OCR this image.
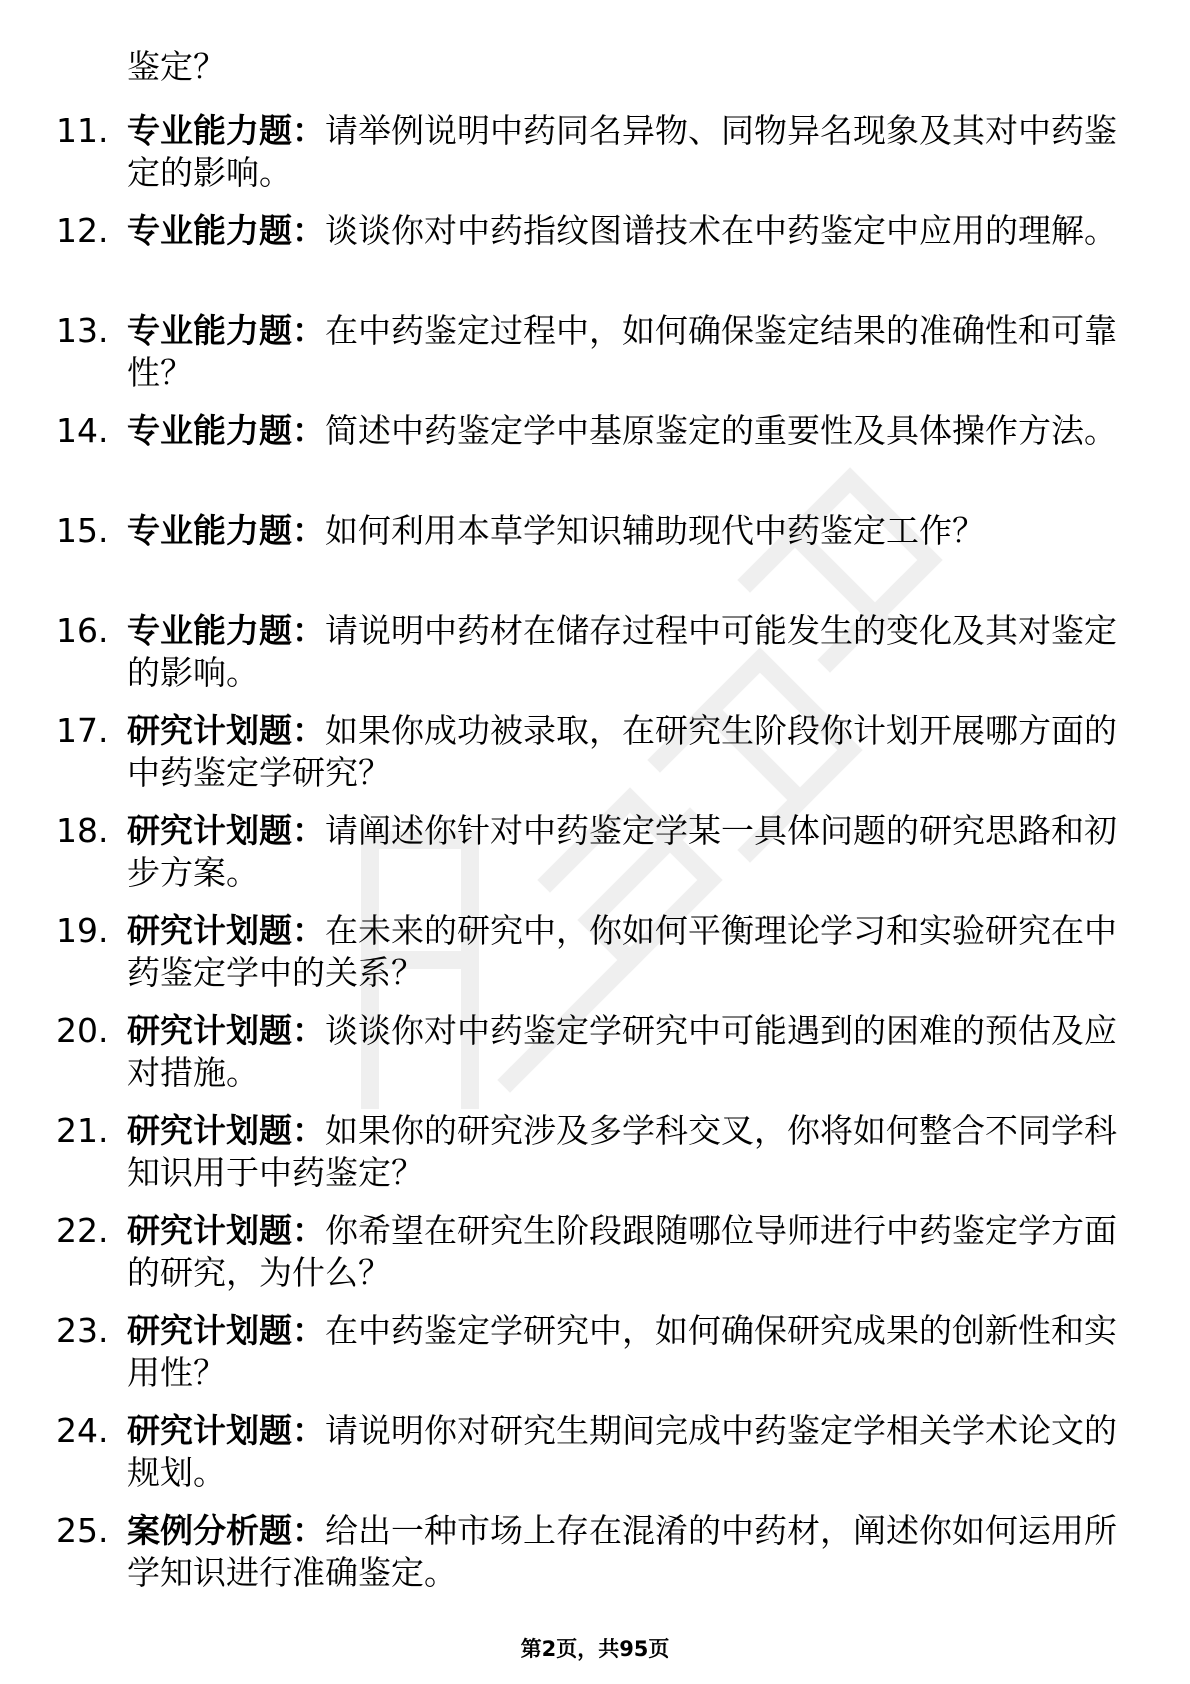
鉴定？

11. 专业能力题：请举例说明中药同名异物、同物异名现象及其对中药鉴定的影响。
12. 专业能力题：谈谈你对中药指纹图谱技术在中药鉴定中应用的理解。
13. 专业能力题：在中药鉴定过程中，如何确保鉴定结果的准确性和可靠性？
14. 专业能力题：简述中药鉴定学中基原鉴定的重要性及具体操作方法。
15. 专业能力题：如何利用本草学知识辅助现代中药鉴定工作？
16. 专业能力题：请说明中药材在储存过程中可能发生的变化及其对鉴定的影响。
17. 研究计划题：如果你成功被录取，在研究生阶段你计划开展哪方面的中药鉴定学研究？
18. 研究计划题：请阐述你针对中药鉴定学某一具体问题的研究思路和初步方案。
19. 研究计划题：在未来的研究中，你如何平衡理论学习和实验研究在中药鉴定学中的关系？
20. 研究计划题：谈谈你对中药鉴定学研究中可能遇到的困难的预估及应对措施。
21. 研究计划题：如果你的研究涉及多学科交叉，你将如何整合不同学科知识用于中药鉴定？
22. 研究计划题：你希望在研究生阶段跟随哪位导师进行中药鉴定学方面的研究，为什么？
23. 研究计划题：在中药鉴定学研究中，如何确保研究成果的创新性和实用性？
24. 研究计划题：请说明你对研究生期间完成中药鉴定学相关学术论文的规划。
25. 案例分析题：给出一种市场上存在混淆的中药材，阐述你如何运用所学知识进行准确鉴定。
第2页，共95页
